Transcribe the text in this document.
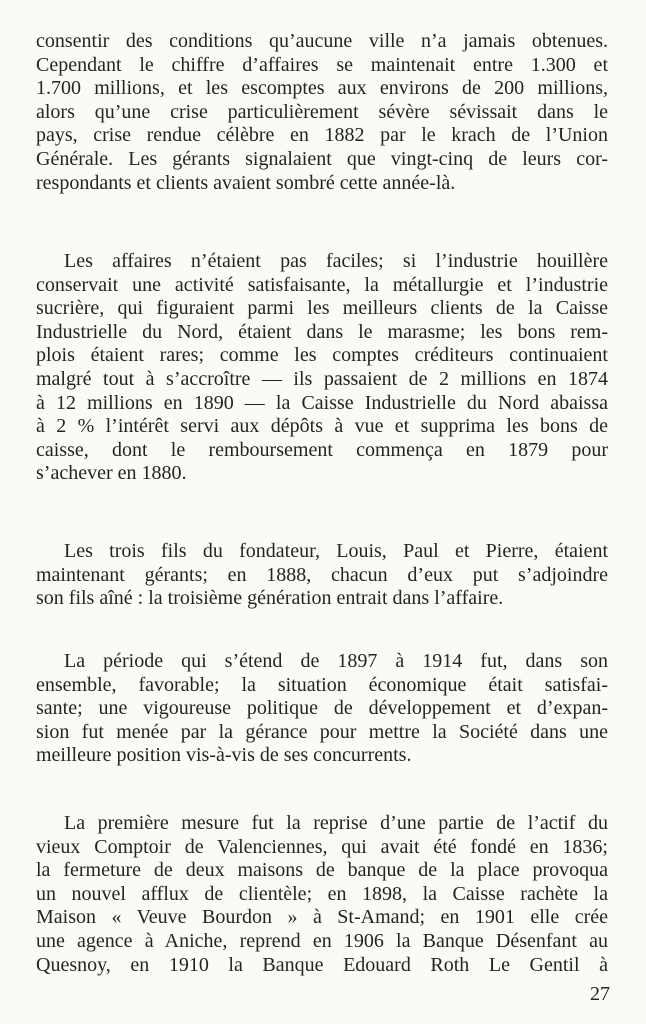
consentir des conditions qu’aucune ville n’a jamais obtenues.
Cependant le chiffre d’affaires se maintenait entre 1.300 et
1.700 millions, et les escomptes aux environs de 200 millions,
alors qu’une crise particulièrement sévère sévissait dans le
pays, crise rendue célèbre en 1882 par le krach de l’Union
Générale. Les gérants signalaient que vingt-cinq de leurs cor-
respondants et clients avaient sombré cette année-là.
Les affaires n’étaient pas faciles; si l’industrie houillère
conservait une activité satisfaisante, la métallurgie et l’industrie
sucrière, qui figuraient parmi les meilleurs clients de la Caisse
Industrielle du Nord, étaient dans le marasme; les bons rem-
plois étaient rares; comme les comptes créditeurs continuaient
malgré tout à s’accroître — ils passaient de 2 millions en 1874
à 12 millions en 1890 — la Caisse Industrielle du Nord abaissa
à 2 % l’intérêt servi aux dépôts à vue et supprima les bons de
caisse, dont le remboursement commença en 1879 pour
s’achever en 1880.
Les trois fils du fondateur, Louis, Paul et Pierre, étaient
maintenant gérants; en 1888, chacun d’eux put s’adjoindre
son fils aîné : la troisième génération entrait dans l’affaire.
La période qui s’étend de 1897 à 1914 fut, dans son
ensemble, favorable; la situation économique était satisfai-
sante; une vigoureuse politique de développement et d’expan-
sion fut menée par la gérance pour mettre la Société dans une
meilleure position vis-à-vis de ses concurrents.
La première mesure fut la reprise d’une partie de l’actif du
vieux Comptoir de Valenciennes, qui avait été fondé en 1836;
la fermeture de deux maisons de banque de la place provoqua
un nouvel afflux de clientèle; en 1898, la Caisse rachète la
Maison « Veuve Bourdon » à St-Amand; en 1901 elle crée
une agence à Aniche, reprend en 1906 la Banque Désenfant au
Quesnoy, en 1910 la Banque Edouard Roth Le Gentil à
27
